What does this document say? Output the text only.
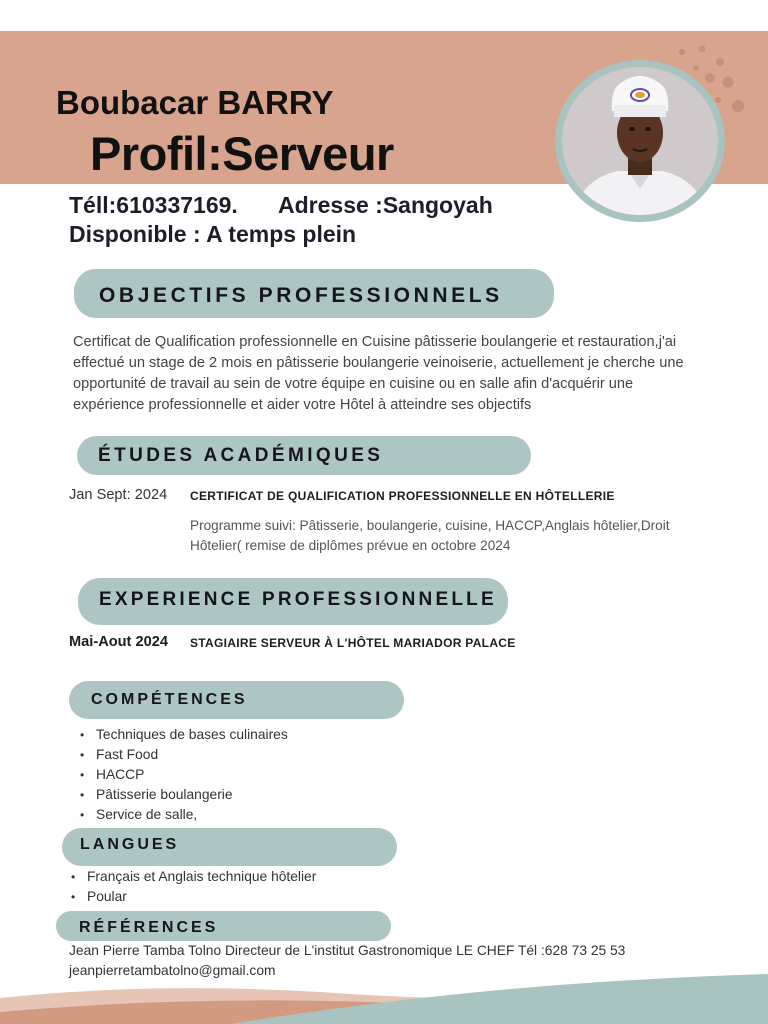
Boubacar BARRY
Profil:Serveur
Téll:610337169. Adresse :Sangoyah
Disponible : A temps plein
OBJECTIFS PROFESSIONNELS
Certificat de Qualification professionnelle en Cuisine pâtisserie boulangerie et restauration,j'ai
effectué un stage de 2 mois en pâtisserie boulangerie veinoiserie, actuellement je cherche une
opportunité de travail au sein de votre équipe en cuisine ou en salle afin d'acquérir une
expérience professionnelle et aider votre Hôtel à atteindre ses objectifs
ÉTUDES ACADÉMIQUES
Jan Sept: 2024 CERTIFICAT DE QUALIFICATION PROFESSIONNELLE EN HÔTELLERIE
Programme suivi: Pâtisserie, boulangerie, cuisine, HACCP,Anglais hôtelier,Droit
Hôtelier( remise de diplômes prévue en octobre 2024
EXPERIENCE PROFESSIONNELLE
Mai-Aout 2024 STAGIAIRE SERVEUR À L'HÔTEL MARIADOR PALACE
COMPÉTENCES
• Techniques de bases culinaires
• Fast Food
• HACCP
• Pâtisserie boulangerie
• Service de salle,
LANGUES
• Français et Anglais technique hôtelier
• Poular
RÉFÉRENCES
Jean Pierre Tamba Tolno Directeur de L'institut Gastronomique LE CHEF Tél :628 73 25 53
jeanpierretambatolno@gmail.com
